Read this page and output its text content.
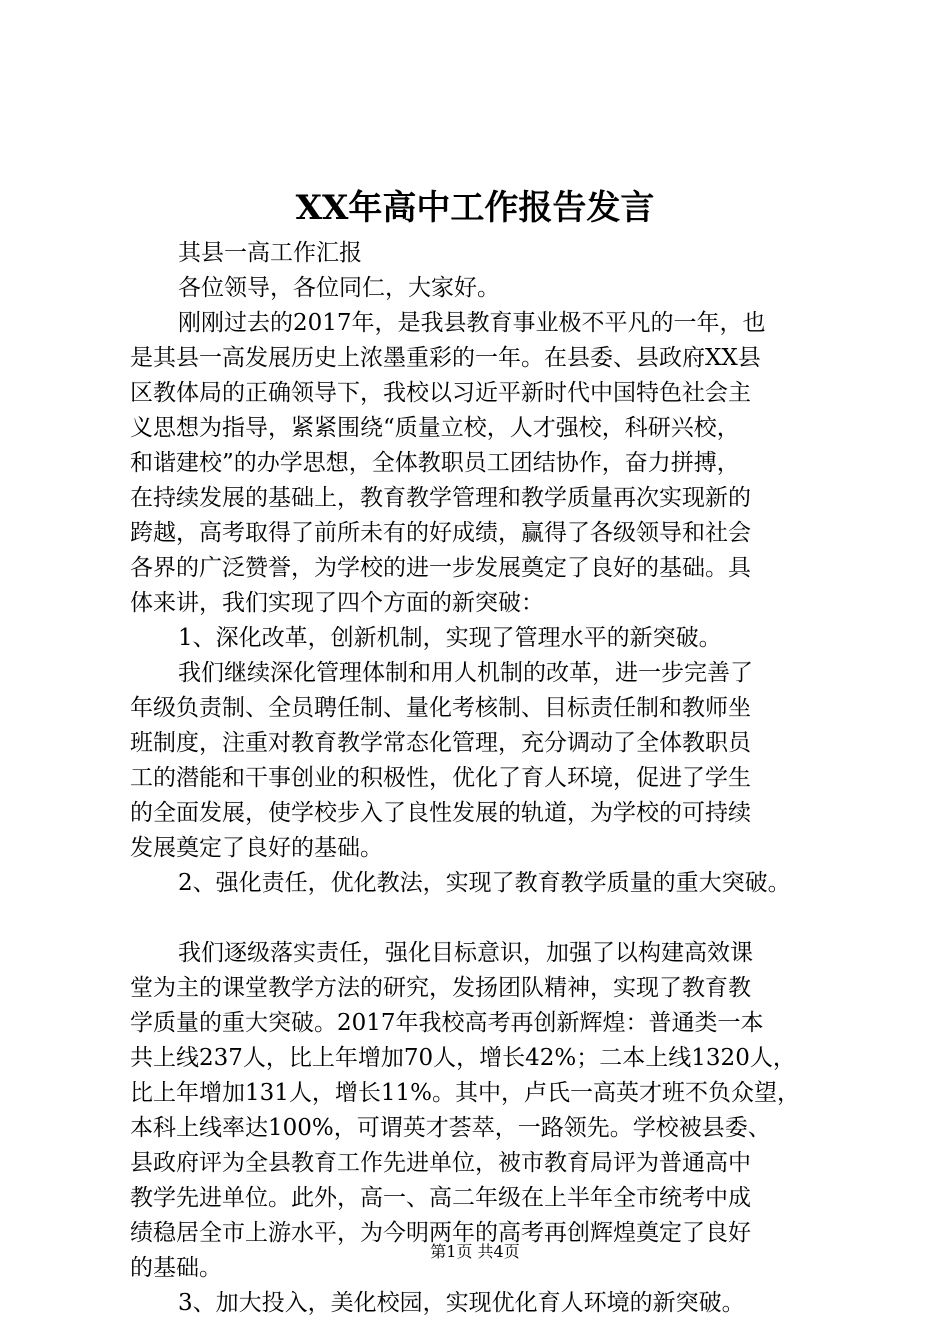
XX年高中工作报告发言
其县一高工作汇报
各位领导，各位同仁，大家好。
刚刚过去的2017年，是我县教育事业极不平凡的一年，也
是其县一高发展历史上浓墨重彩的一年。在县委、县政府XX县
区教体局的正确领导下，我校以习近平新时代中国特色社会主
义思想为指导，紧紧围绕“质量立校，人才强校，科研兴校，
和谐建校”的办学思想，全体教职员工团结协作，奋力拼搏，
在持续发展的基础上，教育教学管理和教学质量再次实现新的
跨越，高考取得了前所未有的好成绩，赢得了各级领导和社会
各界的广泛赞誉，为学校的进一步发展奠定了良好的基础。具
体来讲，我们实现了四个方面的新突破：
1、深化改革，创新机制，实现了管理水平的新突破。
我们继续深化管理体制和用人机制的改革，进一步完善了
年级负责制、全员聘任制、量化考核制、目标责任制和教师坐
班制度，注重对教育教学常态化管理，充分调动了全体教职员
工的潜能和干事创业的积极性，优化了育人环境，促进了学生
的全面发展，使学校步入了良性发展的轨道，为学校的可持续
发展奠定了良好的基础。
2、强化责任，优化教法，实现了教育教学质量的重大突破。
我们逐级落实责任，强化目标意识，加强了以构建高效课
堂为主的课堂教学方法的研究，发扬团队精神，实现了教育教
学质量的重大突破。2017年我校高考再创新辉煌：普通类一本
共上线237人，比上年增加70人，增长42%；二本上线1320人，
比上年增加131人，增长11%。其中，卢氏一高英才班不负众望，
本科上线率达100%，可谓英才荟萃，一路领先。学校被县委、
县政府评为全县教育工作先进单位，被市教育局评为普通高中
教学先进单位。此外，高一、高二年级在上半年全市统考中成
绩稳居全市上游水平，为今明两年的高考再创辉煌奠定了良好
的基础。
3、加大投入，美化校园，实现优化育人环境的新突破。
第1页 共4页
